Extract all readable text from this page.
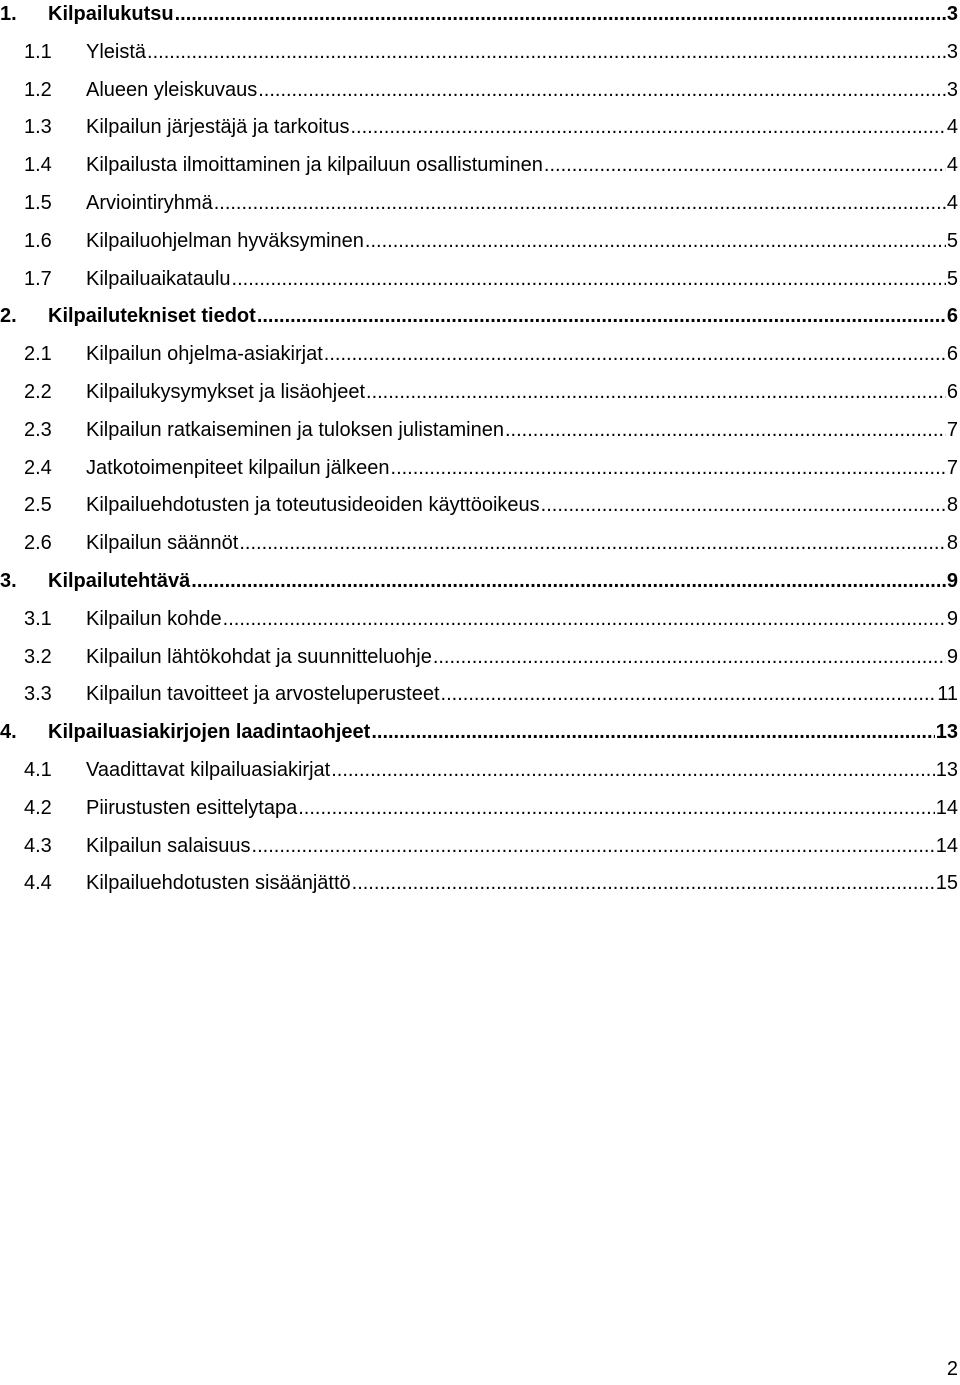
1.	Kilpailukutsu .....	3
1.1	Yleistä .....	3
1.2	Alueen yleiskuvaus .....	3
1.3	Kilpailun järjestäjä ja tarkoitus .....	4
1.4	Kilpailusta ilmoittaminen ja kilpailuun osallistuminen .....	4
1.5	Arviointiryhmä .....	4
1.6	Kilpailuohjelman hyväksyminen .....	5
1.7	Kilpailuaikataulu .....	5
2.	Kilpailutekniset tiedot .....	6
2.1	Kilpailun ohjelma-asiakirjat .....	6
2.2	Kilpailukysymykset ja lisäohjeet .....	6
2.3	Kilpailun ratkaiseminen ja tuloksen julistaminen .....	7
2.4	Jatkotoimenpiteet kilpailun jälkeen .....	7
2.5	Kilpailuehdotusten ja toteutusideoiden käyttöoikeus .....	8
2.6	Kilpailun säännöt .....	8
3.	Kilpailutehtävä .....	9
3.1	Kilpailun kohde .....	9
3.2	Kilpailun lähtökohdat ja suunnitteluohje .....	9
3.3	Kilpailun tavoitteet ja arvosteluperusteet .....	11
4.	Kilpailuasiakirjojen laadintaohjeet .....	13
4.1	Vaadittavat kilpailuasiakirjat .....	13
4.2	Piirustusten esittelytapa .....	14
4.3	Kilpailun salaisuus .....	14
4.4	Kilpailuehdotusten sisäänjättö .....	15
2
